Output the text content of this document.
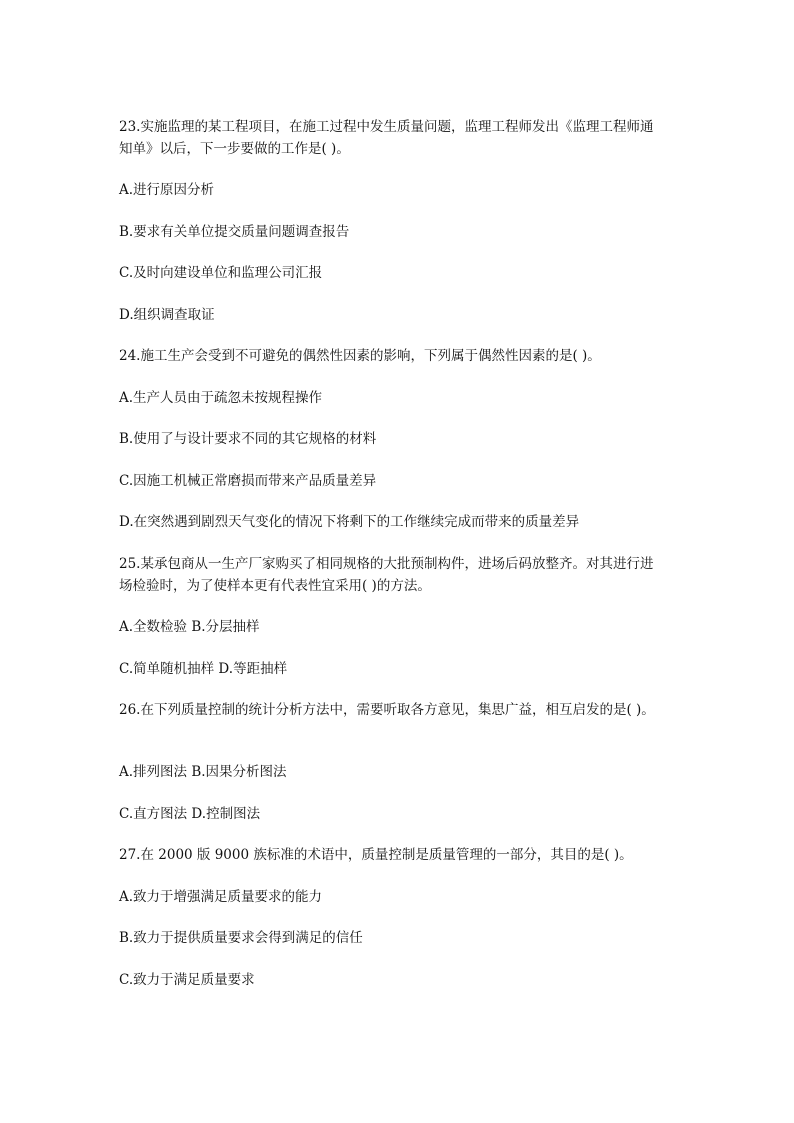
23.实施监理的某工程项目，在施工过程中发生质量问题，监理工程师发出《监理工程师通
知单》以后，下一步要做的工作是( )。
A.进行原因分析
B.要求有关单位提交质量问题调查报告
C.及时向建设单位和监理公司汇报
D.组织调查取证
24.施工生产会受到不可避免的偶然性因素的影响，下列属于偶然性因素的是( )。
A.生产人员由于疏忽未按规程操作
B.使用了与设计要求不同的其它规格的材料
C.因施工机械正常磨损而带来产品质量差异
D.在突然遇到剧烈天气变化的情况下将剩下的工作继续完成而带来的质量差异
25.某承包商从一生产厂家购买了相同规格的大批预制构件，进场后码放整齐。对其进行进
场检验时，为了使样本更有代表性宜采用( )的方法。
A.全数检验 B.分层抽样
C.简单随机抽样 D.等距抽样
26.在下列质量控制的统计分析方法中，需要听取各方意见，集思广益，相互启发的是( )。
A.排列图法 B.因果分析图法
C.直方图法 D.控制图法
27.在 2000 版 9000 族标准的术语中，质量控制是质量管理的一部分，其目的是( )。
A.致力于增强满足质量要求的能力
B.致力于提供质量要求会得到满足的信任
C.致力于满足质量要求
